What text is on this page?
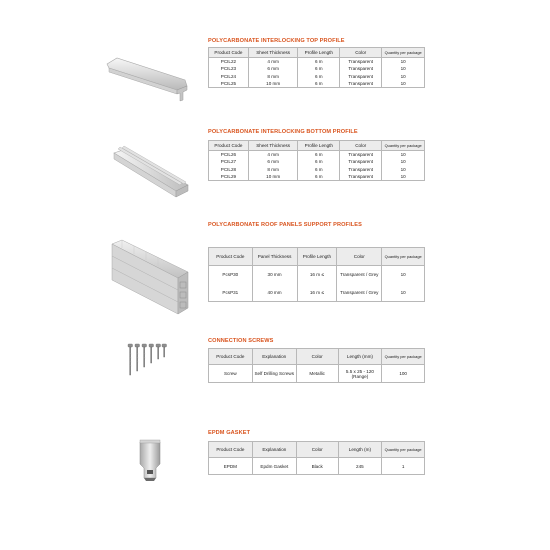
POLYCARBONATE INTERLOCKING TOP PROFILE
Product Code	Sheet Thickness	Profile Length	Color	Quantity per package
PCIL22	4 mm	6 m	Transparent	10
PCIL23	6 mm	6 m	Transparent	10
PCIL24	8 mm	6 m	Transparent	10
PCIL25	10 mm	6 m	Transparent	10
POLYCARBONATE INTERLOCKING BOTTOM PROFILE
Product Code	Sheet Thickness	Profile Length	Color	Quantity per package
PCIL26	4 mm	6 m	Transparent	10
PCIL27	6 mm	6 m	Transparent	10
PCIL28	8 mm	6 m	Transparent	10
PCIL29	10 mm	6 m	Transparent	10
POLYCARBONATE ROOF PANELS SUPPORT PROFILES
Product Code	Panel Thickness	Profile Length	Color	Quantity per package
PcsP30	30 mm	16 m ≤	Transparent / Grey	10
PcsP31	40 mm	16 m ≤	Transparent / Grey	10
CONNECTION SCREWS
Product Code	Explanation	Color	Length (mm)	Quantity per package
Screw	Self Drilling Screws	Metallic	5.5 x 25 - 120 (Range)	100
EPDM GASKET
Product Code	Explanation	Color	Length (m)	Quantity per package
EPDM	Epdm Gasket	Black	245	1
